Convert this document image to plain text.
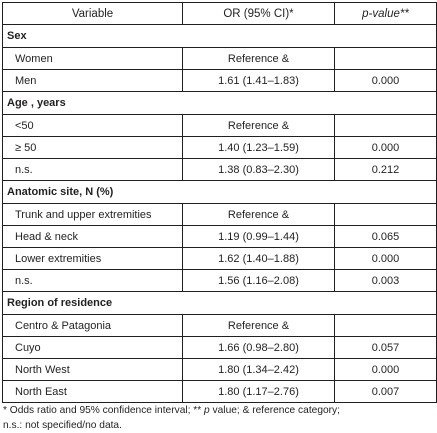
Variable	OR (95% CI)*	p-value**
Sex		
Women	Reference &	
Men	1.61 (1.41–1.83)	0.000
Age , years		
<50	Reference &	
≥ 50	1.40 (1.23–1.59)	0.000
n.s.	1.38 (0.83–2.30)	0.212
Anatomic site, N (%)		
Trunk and upper extremities	Reference &	
Head & neck	1.19 (0.99–1.44)	0.065
Lower extremities	1.62 (1.40–1.88)	0.000
n.s.	1.56 (1.16–2.08)	0.003
Region of residence		
Centro & Patagonia	Reference &	
Cuyo	1.66 (0.98–2.80)	0.057
North West	1.80 (1.34–2.42)	0.000
North East	1.80 (1.17–2.76)	0.007
* Odds ratio and 95% confidence interval; ** p value; & reference category;
n.s.: not specified/no data.
